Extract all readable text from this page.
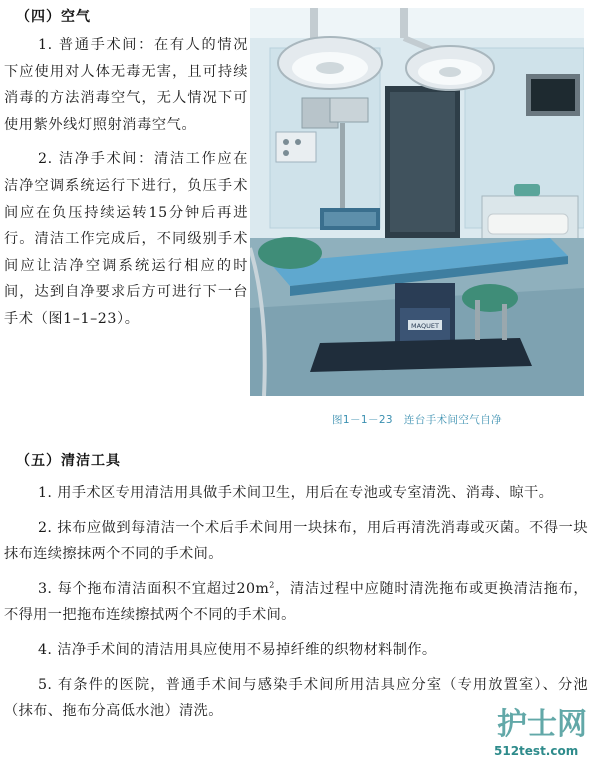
（四）空气

1. 普通手术间：在有人的情况下应使用对人体无毒无害，且可持续消毒的方法消毒空气，无人情况下可使用紫外线灯照射消毒空气。

2. 洁净手术间：清洁工作应在洁净空调系统运行下进行，负压手术间应在负压持续运转15分钟后再进行。清洁工作完成后，不同级别手术间应让洁净空调系统运行相应的时间，达到自净要求后方可进行下一台手术（图1–1–23）。	MAQUET
图1－1－23　连台手术间空气自净
（五）清洁工具

1. 用手术区专用清洁用具做手术间卫生，用后在专池或专室清洗、消毒、晾干。

2. 抹布应做到每清洁一个术后手术间用一块抹布，用后再清洗消毒或灭菌。不得一块抹布连续擦抹两个不同的手术间。

3. 每个拖布清洁面积不宜超过$20m^2$，清洁过程中应随时清洗拖布或更换清洁拖布，不得用一把拖布连续擦拭两个不同的手术间。

4. 洁净手术间的清洁用具应使用不易掉纤维的织物材料制作。

5. 有条件的医院，普通手术间与感染手术间所用洁具应分室（专用放置室）、分池（抹布、拖布分高低水池）清洗。	护士网
512test.com
